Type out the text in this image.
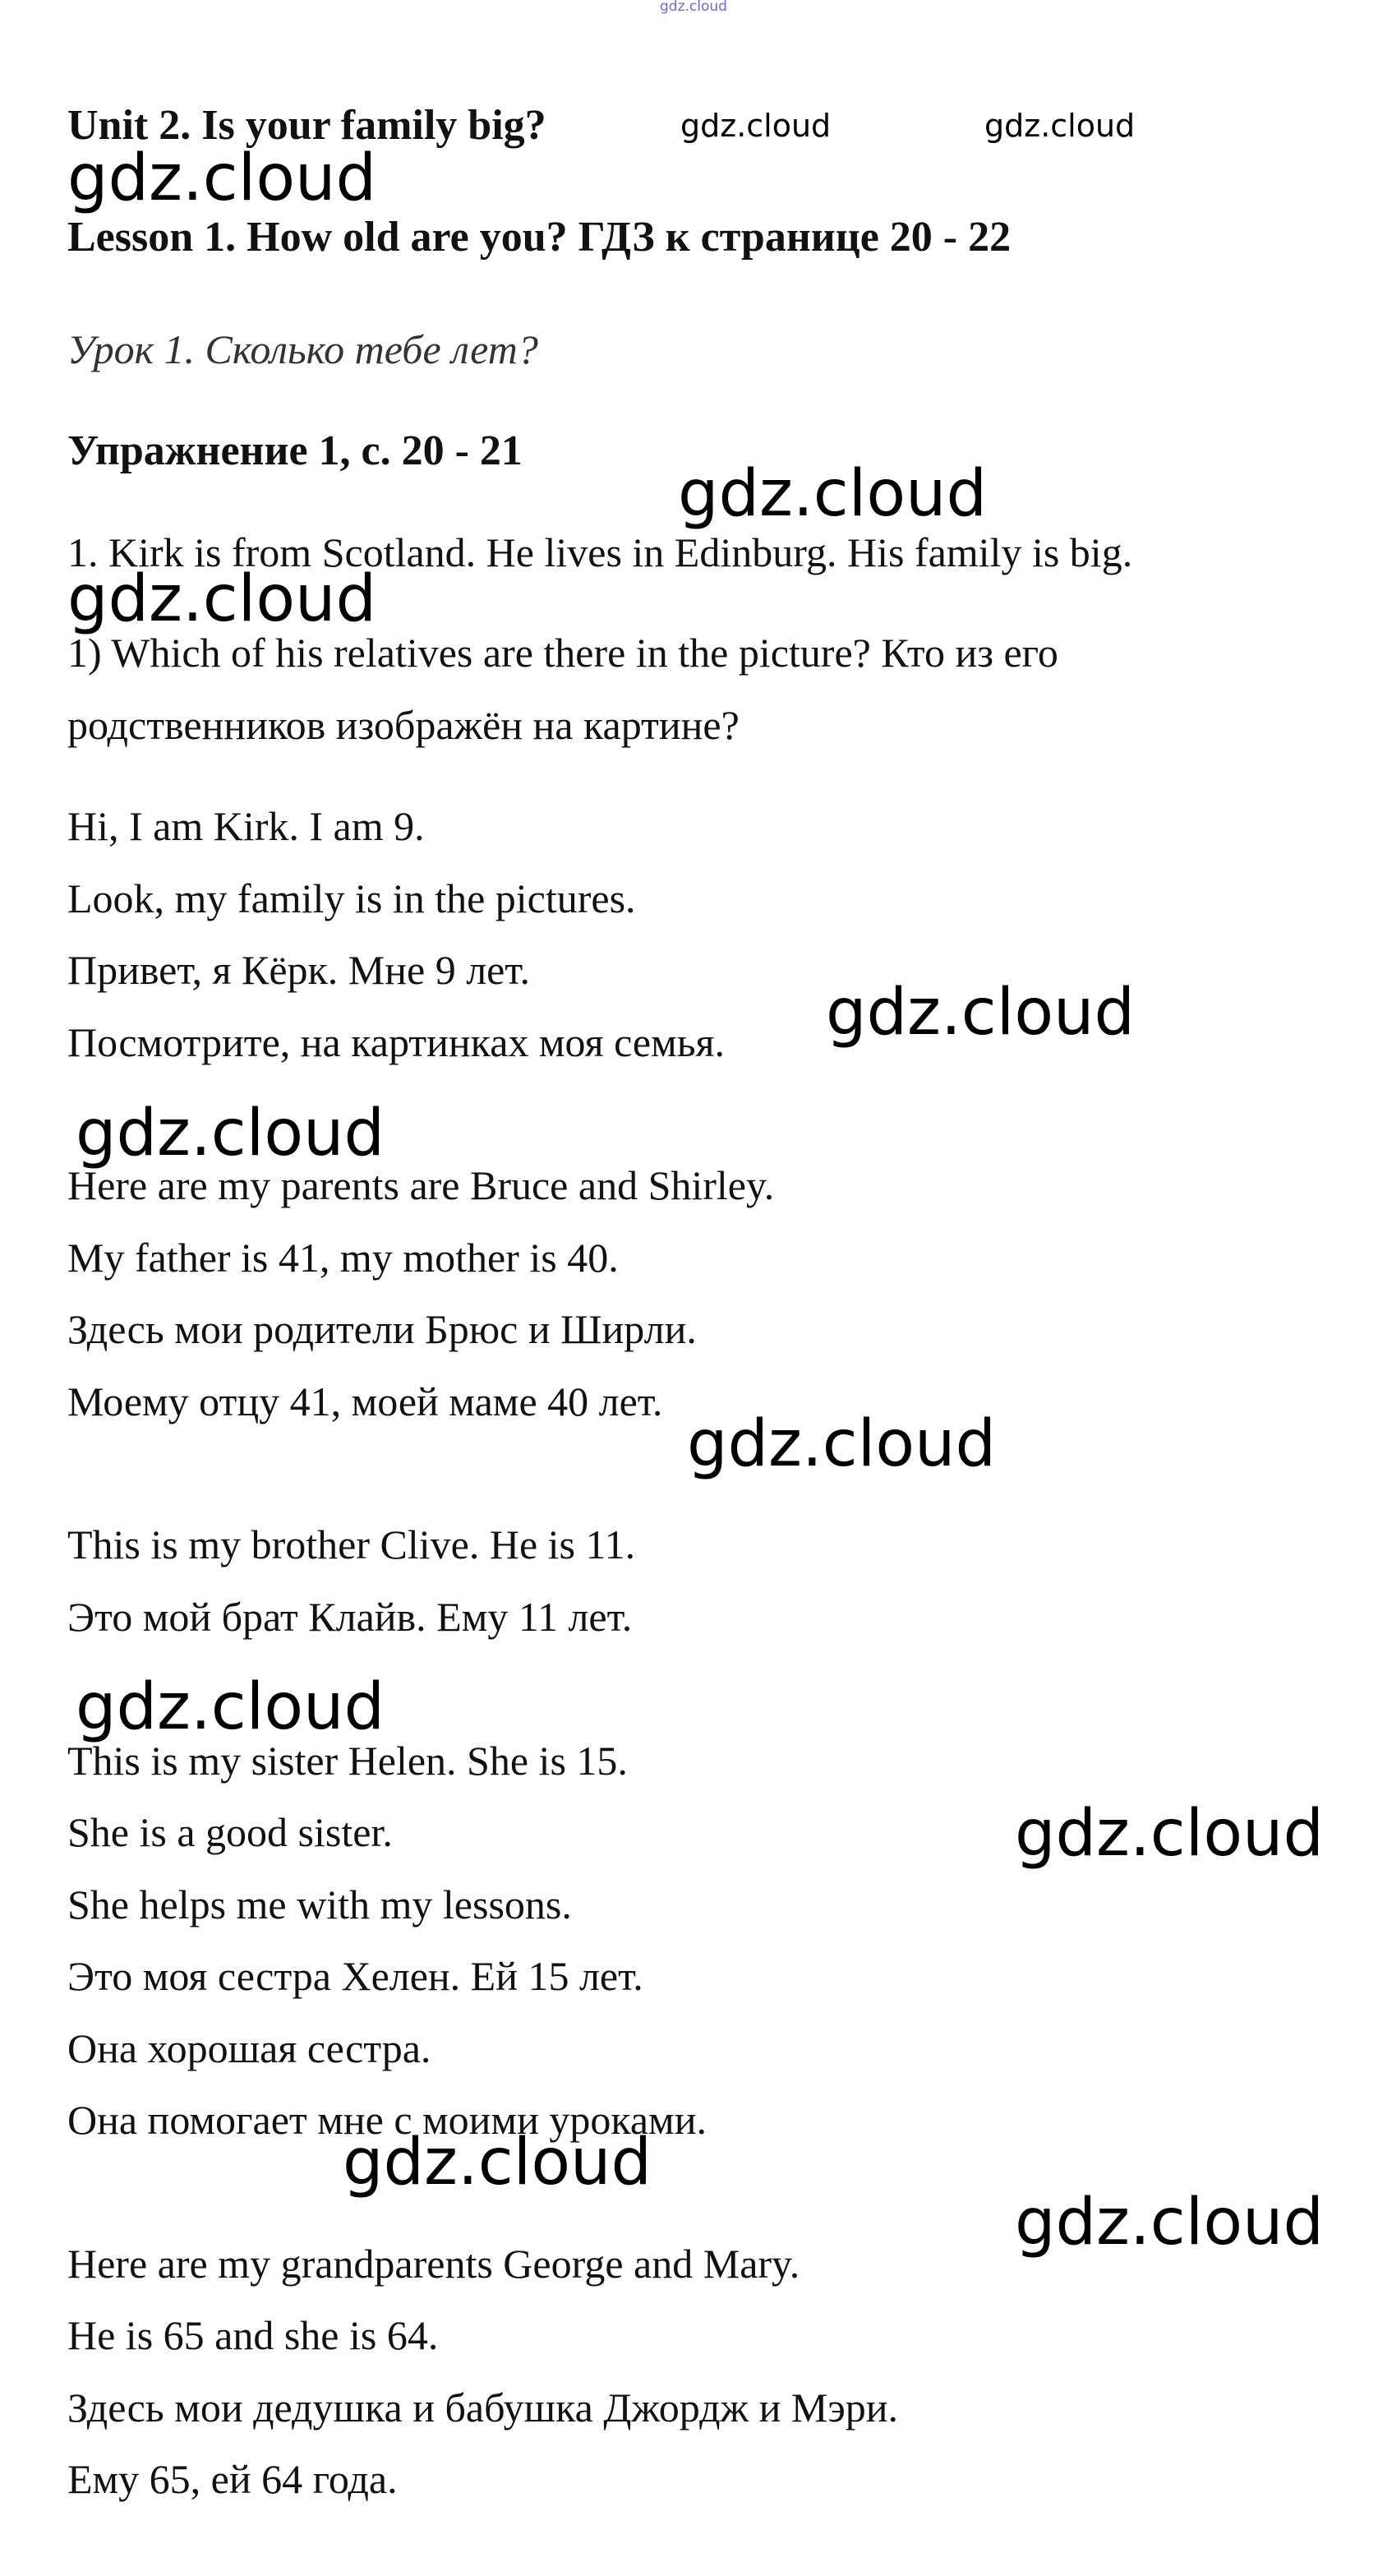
gdz.cloud

Unit 2. Is your family big?	gdz.cloud	gdz.cloud

gdz.cloud

Lesson 1. How old are you? ГДЗ к странице 20 - 22

Урок 1. Сколько тебе лет?

Упражнение 1, с. 20 - 21

gdz.cloud

1. Kirk is from Scotland. He lives in Edinburg. His family is big.

gdz.cloud

1) Which of his relatives are there in the picture? Кто из его

родственников изображён на картине?

Hi, I am Kirk. I am 9.

Look, my family is in the pictures.

Привет, я Кёрк. Мне 9 лет.

Посмотрите, на картинках моя семья. gdz.cloud

gdz.cloud

Here are my parents are Bruce and Shirley.

My father is 41, my mother is 40.

Здесь мои родители Брюс и Ширли.

Моему отцу 41, моей маме 40 лет.

gdz.cloud

This is my brother Clive. He is 11.

Это мой брат Клайв. Ему 11 лет.

gdz.cloud

This is my sister Helen. She is 15.

She is a good sister.	gdz.cloud

She helps me with my lessons.

Это моя сестра Хелен. Ей 15 лет.

Она хорошая сестра.

Она помогает мне с моими уроками.

gdz.cloud

gdz.cloud

Here are my grandparents George and Mary.

He is 65 and she is 64.

Здесь мои дедушка и бабушка Джордж и Мэри.

Ему 65, ей 64 года.
